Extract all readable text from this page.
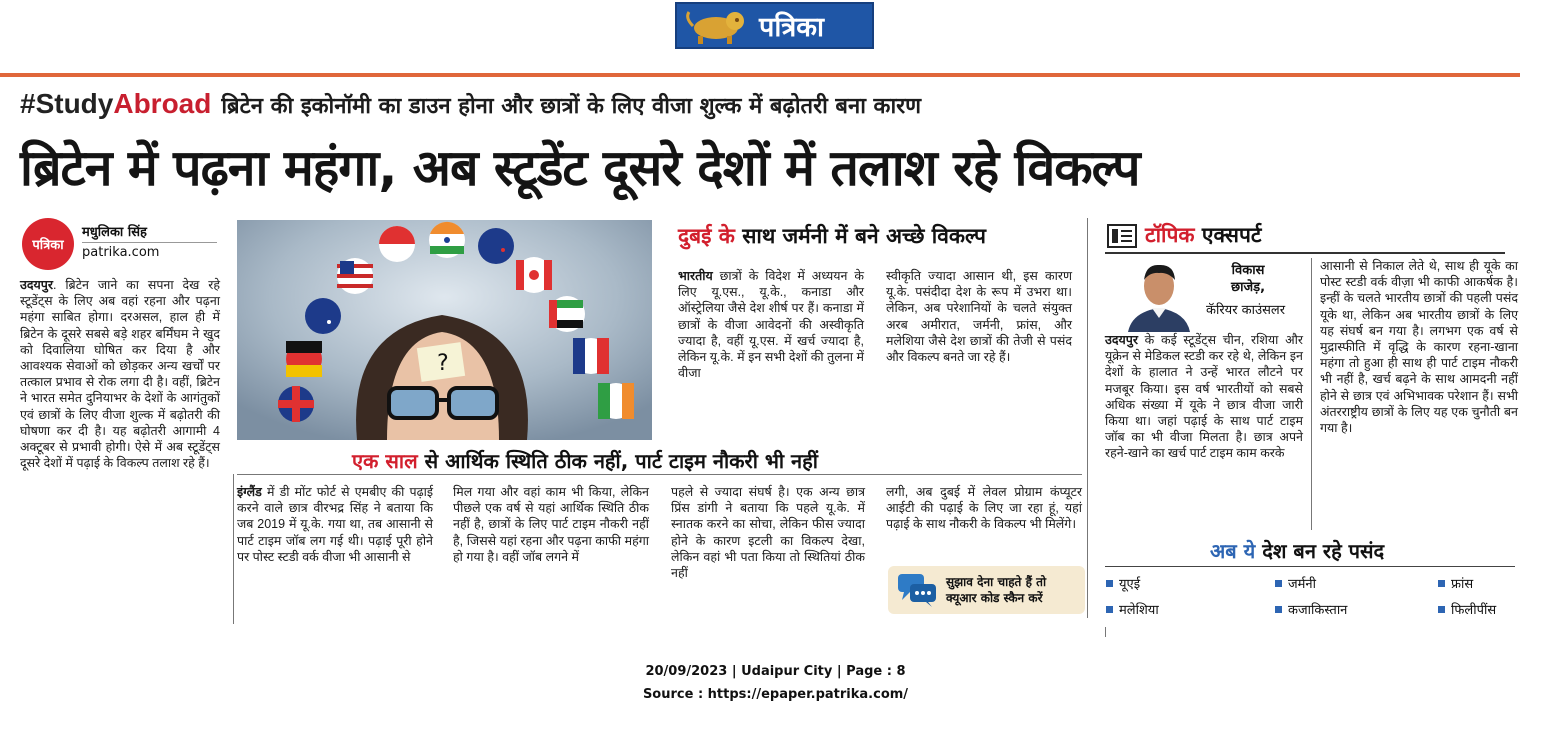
पत्रिका
#StudyAbroad ब्रिटेन की इकोनॉमी का डाउन होना और छात्रों के लिए वीजा शुल्क में बढ़ोतरी बना कारण
ब्रिटेन में पढ़ना महंगा, अब स्टूडेंट दूसरे देशों में तलाश रहे विकल्प
पत्रिका
मधुलिका सिंह
patrika.com
उदयपुर. ब्रिटेन जाने का सपना देख रहे स्टूडेंट्स के लिए अब वहां रहना और पढ़ना महंगा साबित होगा। दरअसल, हाल ही में ब्रिटेन के दूसरे सबसे बड़े शहर बर्मिंघम ने खुद को दिवालिया घोषित कर दिया है और आवश्यक सेवाओं को छोड़कर अन्य खर्चों पर तत्काल प्रभाव से रोक लगा दी है। वहीं, ब्रिटेन ने भारत समेत दुनियाभर के देशों के आगंतुकों एवं छात्रों के लिए वीजा शुल्क में बढ़ोतरी की घोषणा कर दी है। यह बढ़ोतरी आगामी 4 अक्टूबर से प्रभावी होगी। ऐसे में अब स्टूडेंट्स दूसरे देशों में पढ़ाई के विकल्प तलाश रहे हैं।
?
दुबई के साथ जर्मनी में बने अच्छे विकल्प
भारतीय छात्रों के विदेश में अध्ययन के लिए यू.एस., यू.के., कनाडा और ऑस्ट्रेलिया जैसे देश शीर्ष पर हैं। कनाडा में छात्रों के वीजा आवेदनों की अस्वीकृति ज्यादा है, वहीं यू.एस. में खर्च ज्यादा है, लेकिन यू.के. में इन सभी देशों की तुलना में वीजा
स्वीकृति ज्यादा आसान थी, इस कारण यू.के. पसंदीदा देश के रूप में उभरा था। लेकिन, अब परेशानियों के चलते संयुक्त अरब अमीरात, जर्मनी, फ्रांस, और मलेशिया जैसे देश छात्रों की तेजी से पसंद और विकल्प बनते जा रहे हैं।
एक साल से आर्थिक स्थिति ठीक नहीं, पार्ट टाइम नौकरी भी नहीं
इंग्लैंड में डी मोंट फोर्ट से एमबीए की पढ़ाई करने वाले छात्र वीरभद्र सिंह ने बताया कि जब 2019 में यू.के. गया था, तब आसानी से पार्ट टाइम जॉब लग गई थी। पढ़ाई पूरी होने पर पोस्ट स्टडी वर्क वीजा भी आसानी से
मिल गया और वहां काम भी किया, लेकिन पीछले एक वर्ष से यहां आर्थिक स्थिति ठीक नहीं है, छात्रों के लिए पार्ट टाइम नौकरी नहीं है, जिससे यहां रहना और पढ़ना काफी महंगा हो गया है। वहीं जॉब लगने में
पहले से ज्यादा संघर्ष है। एक अन्य छात्र प्रिंस डांगी ने बताया कि पहले यू.के. में स्नातक करने का सोचा, लेकिन फीस ज्यादा होने के कारण इटली का विकल्प देखा, लेकिन वहां भी पता किया तो स्थितियां ठीक नहीं
लगी, अब दुबई में लेवल प्रोग्राम कंप्यूटर आईटी की पढ़ाई के लिए जा रहा हूं, यहां पढ़ाई के साथ नौकरी के विकल्प भी मिलेंगे।
सुझाव देना चाहते हैं तो
क्यूआर कोड स्कैन करें
टॉपिक एक्सपर्ट
विकास
छाजेड़,
कॅरियर काउंसलर
उदयपुर के कई स्टूडेंट्स चीन, रशिया और यूक्रेन से मेडिकल स्टडी कर रहे थे, लेकिन इन देशों के हालात ने उन्हें भारत लौटने पर मजबूर किया। इस वर्ष भारतीयों को सबसे अधिक संख्या में यूके ने छात्र वीजा जारी किया था। जहां पढ़ाई के साथ पार्ट टाइम जॉब का भी वीजा मिलता है। छात्र अपने रहने-खाने का खर्च पार्ट टाइम काम करके
आसानी से निकाल लेते थे, साथ ही यूके का पोस्ट स्टडी वर्क वीज़ा भी काफी आकर्षक है। इन्हीं के चलते भारतीय छात्रों की पहली पसंद यूके था, लेकिन अब भारतीय छात्रों के लिए यह संघर्ष बन गया है। लगभग एक वर्ष से मुद्रास्फीति में वृद्धि के कारण रहना-खाना महंगा तो हुआ ही साथ ही पार्ट टाइम नौकरी भी नहीं है, खर्च बढ़ने के साथ आमदनी नहीं होने से छात्र एवं अभिभावक परेशान हैं। सभी अंतरराष्ट्रीय छात्रों के लिए यह एक चुनौती बन गया है।
अब ये देश बन रहे पसंद
यूएई	जर्मनी	फ्रांस
मलेशिया	कजाकिस्तान	फिलीपींस
20/09/2023 | Udaipur City | Page : 8
Source : https://epaper.patrika.com/
